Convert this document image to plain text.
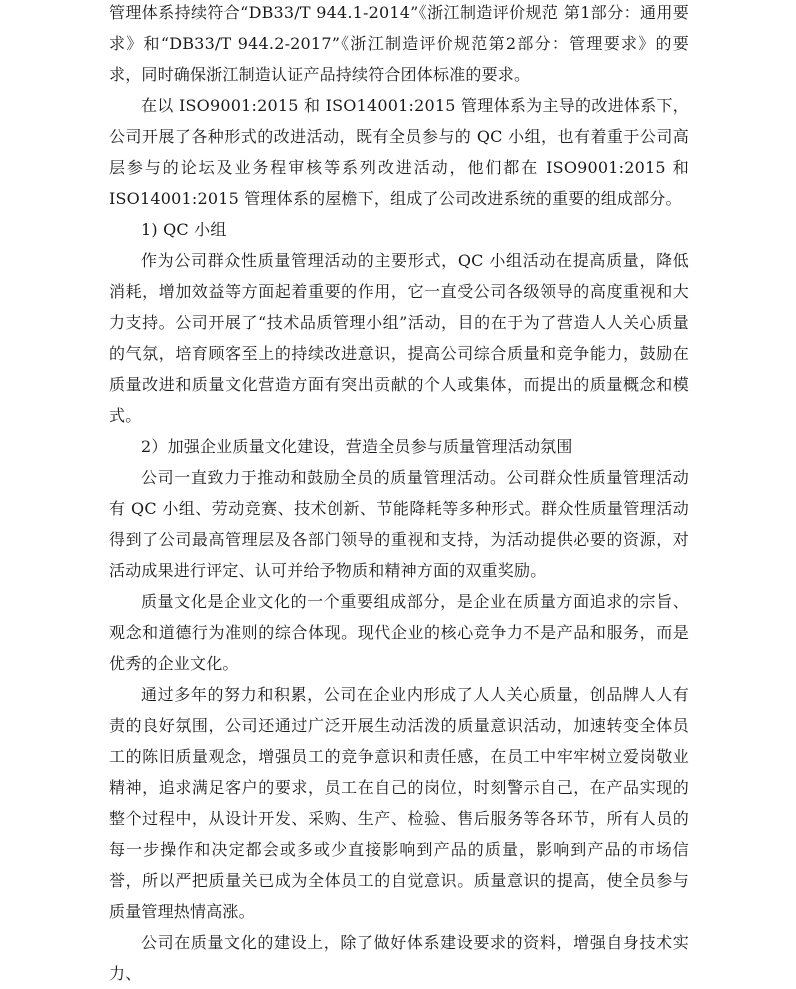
管理体系持续符合“DB33/T 944.1-2014”《浙江制造评价规范 第1部分：通用要求》和“DB33/T 944.2-2017”《浙江制造评价规范第2部分：管理要求》的要求，同时确保浙江制造认证产品持续符合团体标准的要求。

在以 ISO9001:2015 和 ISO14001:2015 管理体系为主导的改进体系下，公司开展了各种形式的改进活动，既有全员参与的 QC 小组，也有着重于公司高层参与的论坛及业务程审核等系列改进活动，他们都在 ISO9001:2015 和 ISO14001:2015 管理体系的屋檐下，组成了公司改进系统的重要的组成部分。

1) QC 小组

作为公司群众性质量管理活动的主要形式，QC 小组活动在提高质量，降低消耗，增加效益等方面起着重要的作用，它一直受公司各级领导的高度重视和大力支持。公司开展了“技术品质管理小组”活动，目的在于为了营造人人关心质量的气氛，培育顾客至上的持续改进意识，提高公司综合质量和竞争能力，鼓励在质量改进和质量文化营造方面有突出贡献的个人或集体，而提出的质量概念和模式。

2）加强企业质量文化建设，营造全员参与质量管理活动氛围

公司一直致力于推动和鼓励全员的质量管理活动。公司群众性质量管理活动有 QC 小组、劳动竞赛、技术创新、节能降耗等多种形式。群众性质量管理活动得到了公司最高管理层及各部门领导的重视和支持，为活动提供必要的资源，对活动成果进行评定、认可并给予物质和精神方面的双重奖励。

质量文化是企业文化的一个重要组成部分，是企业在质量方面追求的宗旨、观念和道德行为准则的综合体现。现代企业的核心竞争力不是产品和服务，而是优秀的企业文化。

通过多年的努力和积累，公司在企业内形成了人人关心质量，创品牌人人有责的良好氛围，公司还通过广泛开展生动活泼的质量意识活动，加速转变全体员工的陈旧质量观念，增强员工的竞争意识和责任感，在员工中牢牢树立爱岗敬业精神，追求满足客户的要求，员工在自己的岗位，时刻警示自己，在产品实现的整个过程中，从设计开发、采购、生产、检验、售后服务等各环节，所有人员的每一步操作和决定都会或多或少直接影响到产品的质量，影响到产品的市场信誉，所以严把质量关已成为全体员工的自觉意识。质量意识的提高，使全员参与质量管理热情高涨。

公司在质量文化的建设上，除了做好体系建设要求的资料，增强自身技术实力、
